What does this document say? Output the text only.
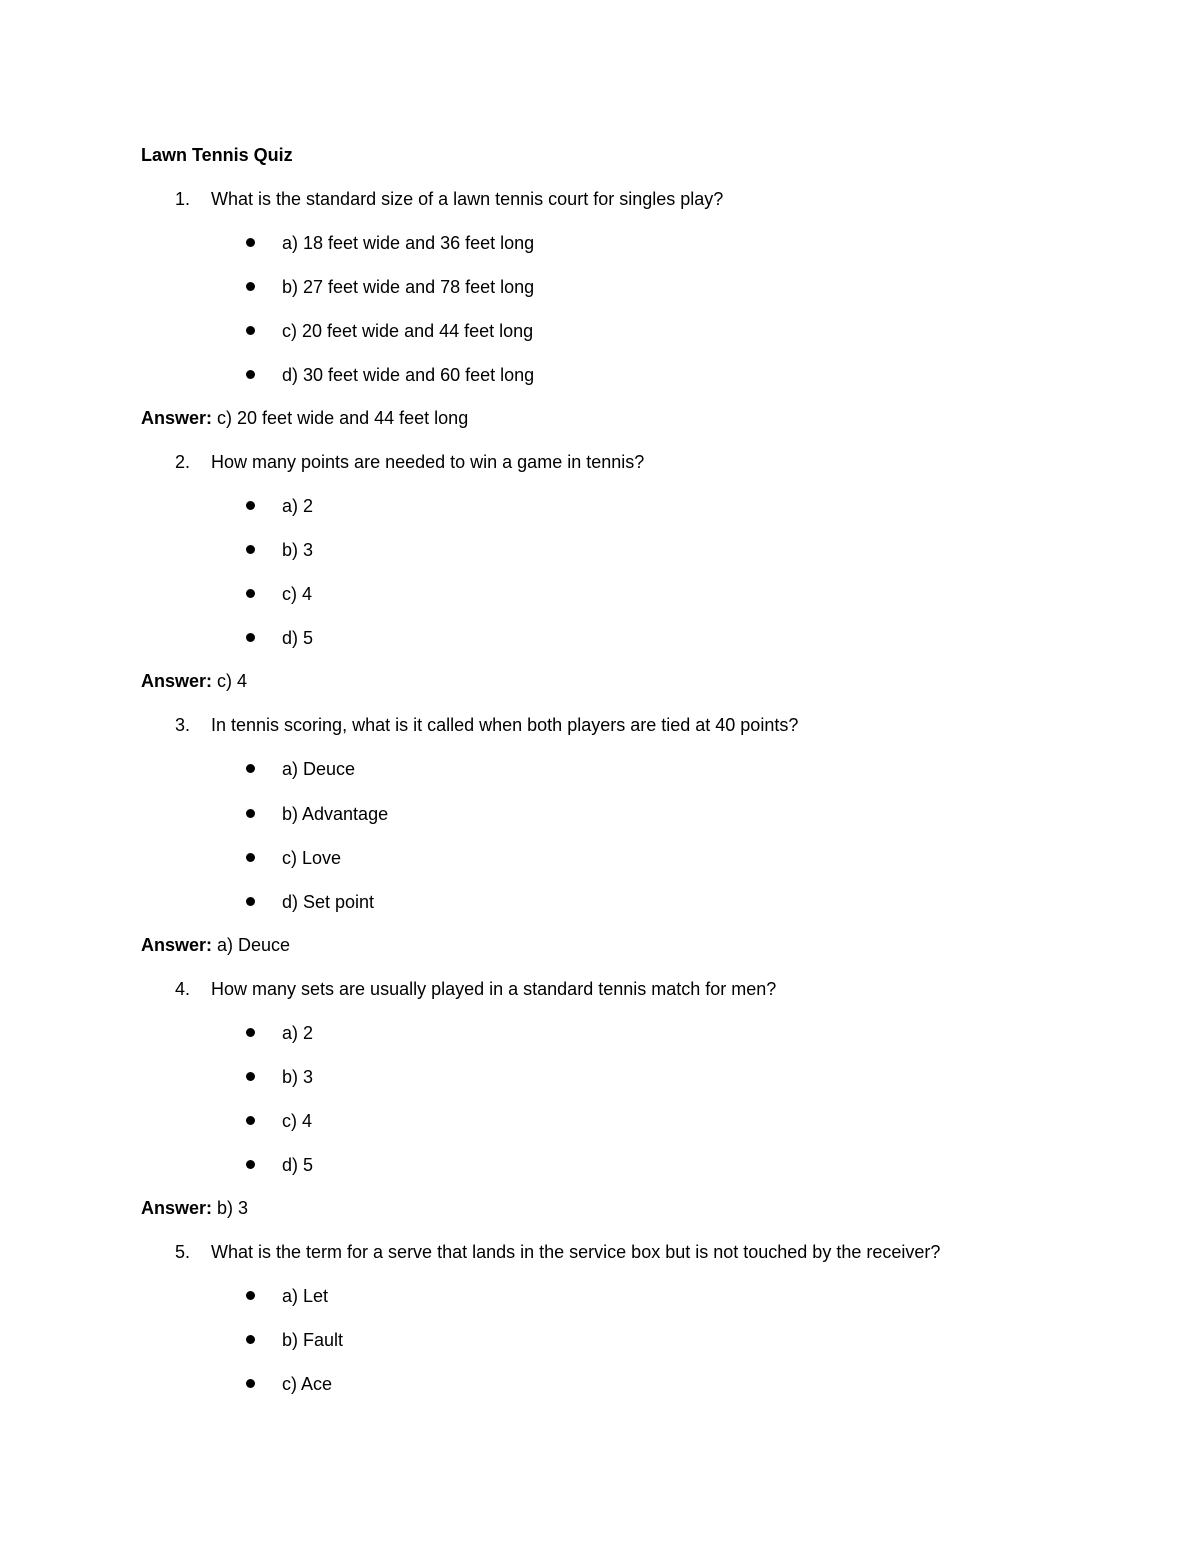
Lawn Tennis Quiz
1. What is the standard size of a lawn tennis court for singles play?
a) 18 feet wide and 36 feet long
b) 27 feet wide and 78 feet long
c) 20 feet wide and 44 feet long
d) 30 feet wide and 60 feet long
Answer: c) 20 feet wide and 44 feet long
2. How many points are needed to win a game in tennis?
a) 2
b) 3
c) 4
d) 5
Answer: c) 4
3. In tennis scoring, what is it called when both players are tied at 40 points?
a) Deuce
b) Advantage
c) Love
d) Set point
Answer: a) Deuce
4. How many sets are usually played in a standard tennis match for men?
a) 2
b) 3
c) 4
d) 5
Answer: b) 3
5. What is the term for a serve that lands in the service box but is not touched by the receiver?
a) Let
b) Fault
c) Ace
